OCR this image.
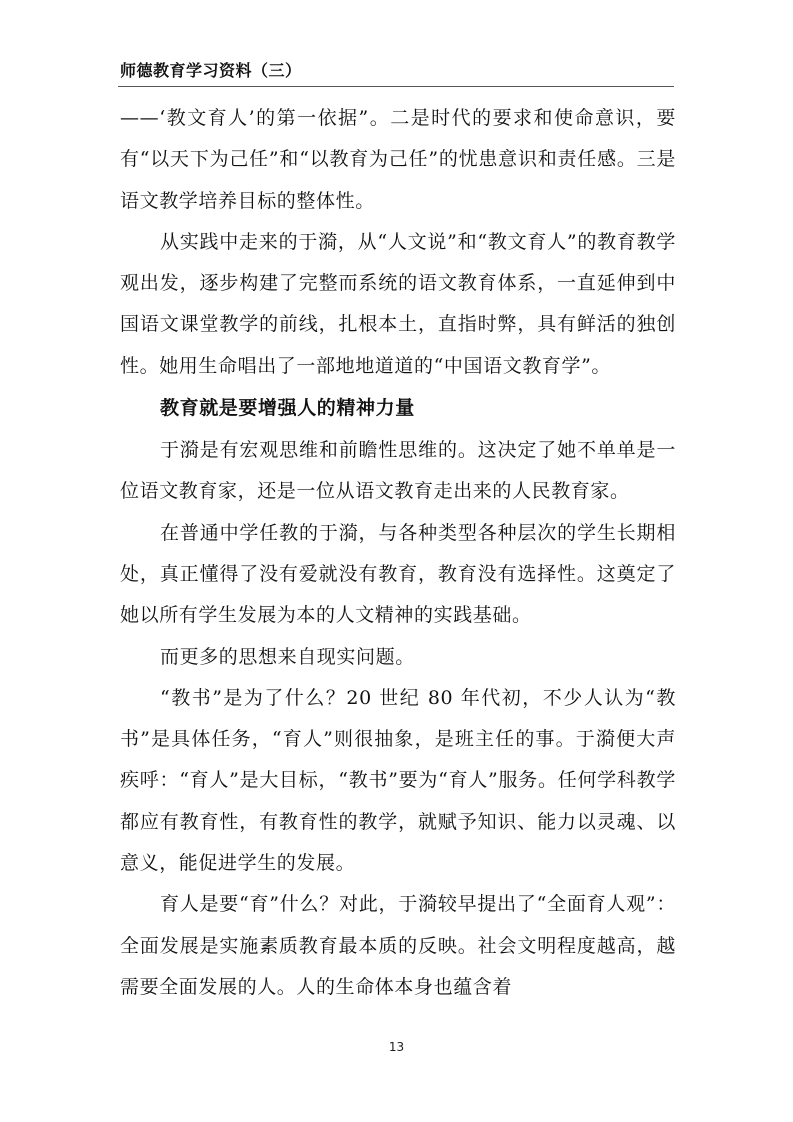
师德教育学习资料（三）

——‘教文育人’的第一依据”。二是时代的要求和使命意识，要有“以天下为己任”和“以教育为己任”的忧患意识和责任感。三是语文教学培养目标的整体性。

从实践中走来的于漪，从“人文说”和“教文育人”的教育教学观出发，逐步构建了完整而系统的语文教育体系，一直延伸到中国语文课堂教学的前线，扎根本土，直指时弊，具有鲜活的独创性。她用生命唱出了一部地地道道的“中国语文教育学”。

教育就是要增强人的精神力量

于漪是有宏观思维和前瞻性思维的。这决定了她不单单是一位语文教育家，还是一位从语文教育走出来的人民教育家。

在普通中学任教的于漪，与各种类型各种层次的学生长期相处，真正懂得了没有爱就没有教育，教育没有选择性。这奠定了她以所有学生发展为本的人文精神的实践基础。

而更多的思想来自现实问题。

“教书”是为了什么？20 世纪 80 年代初，不少人认为“教书”是具体任务，“育人”则很抽象，是班主任的事。于漪便大声疾呼：“育人”是大目标，“教书”要为“育人”服务。任何学科教学都应有教育性，有教育性的教学，就赋予知识、能力以灵魂、以意义，能促进学生的发展。

育人是要“育”什么？对此，于漪较早提出了“全面育人观”：全面发展是实施素质教育最本质的反映。社会文明程度越高，越需要全面发展的人。人的生命体本身也蕴含着

13
